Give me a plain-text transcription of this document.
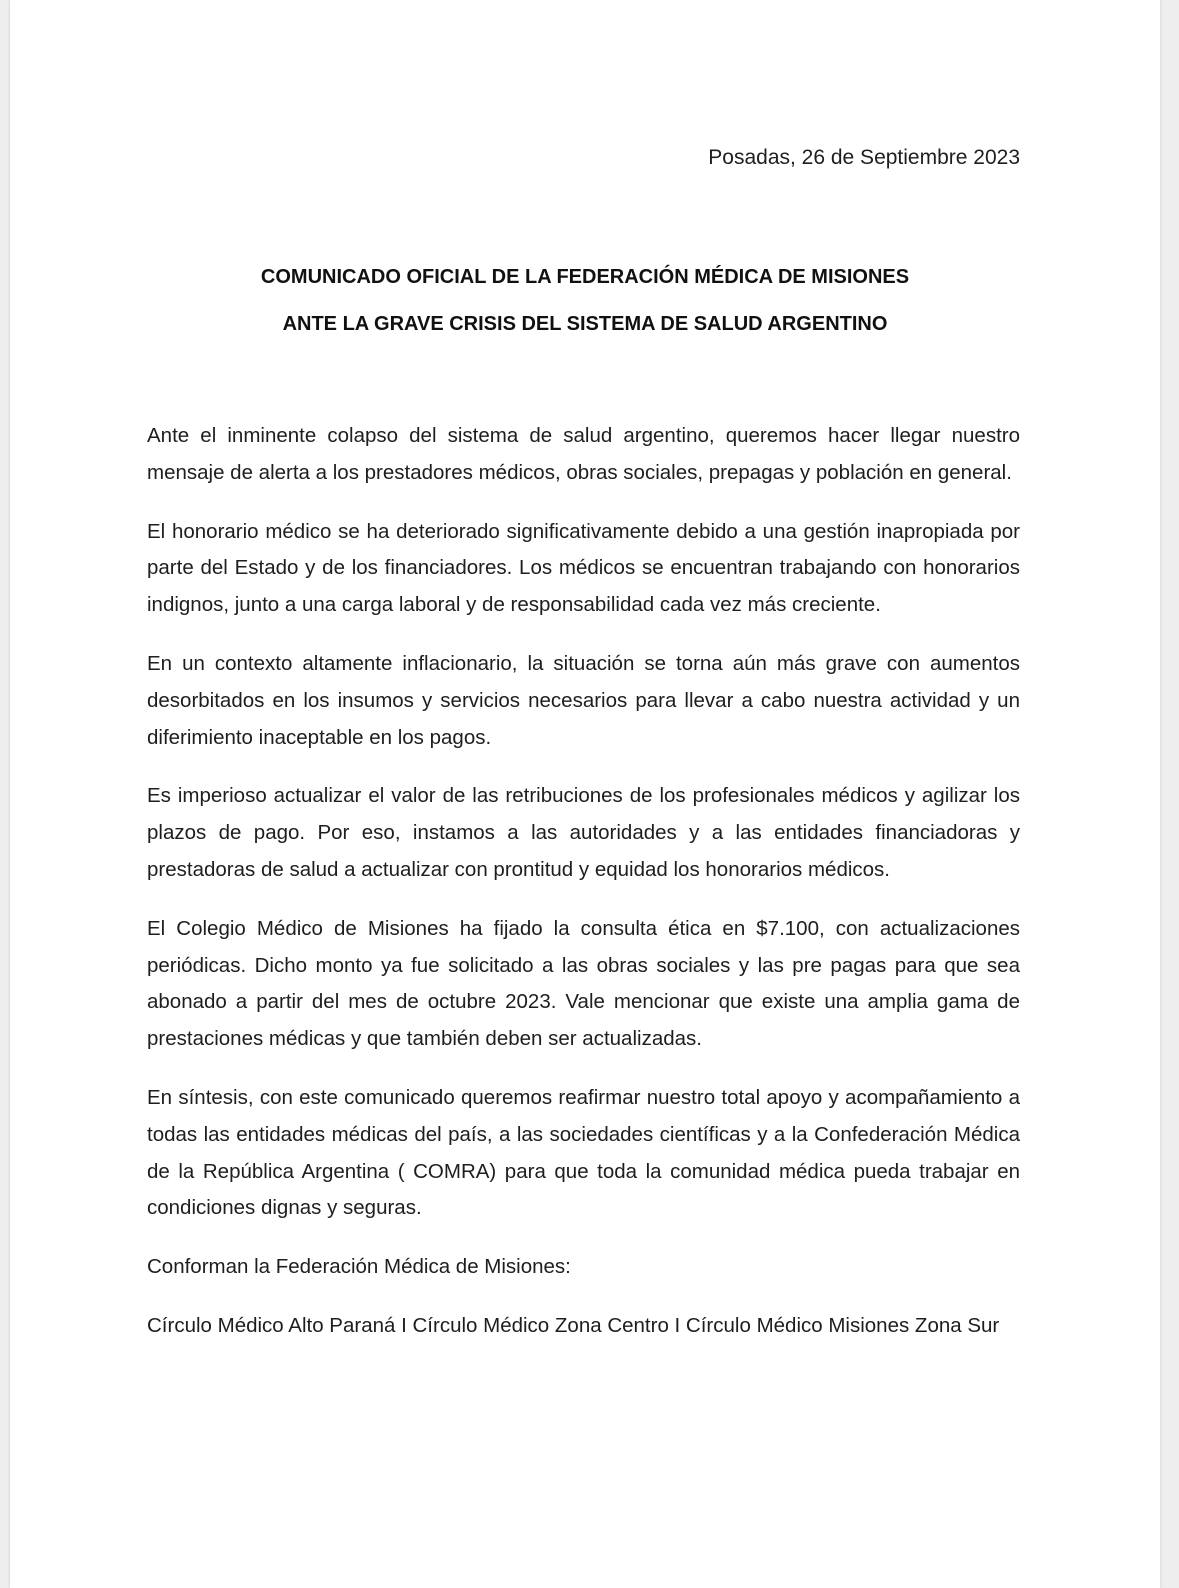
Posadas, 26 de Septiembre 2023
COMUNICADO OFICIAL DE LA FEDERACIÓN MÉDICA DE MISIONES
ANTE LA GRAVE CRISIS DEL SISTEMA DE SALUD ARGENTINO

Ante el inminente colapso del sistema de salud argentino, queremos hacer llegar nuestro mensaje de alerta a los prestadores médicos, obras sociales, prepagas y población en general.

El honorario médico se ha deteriorado significativamente debido a una gestión inapropiada por parte del Estado y de los financiadores. Los médicos se encuentran trabajando con honorarios indignos, junto a una carga laboral y de responsabilidad cada vez más creciente.

En un contexto altamente inflacionario, la situación se torna aún más grave con aumentos desorbitados en los insumos y servicios necesarios para llevar a cabo nuestra actividad y un diferimiento inaceptable en los pagos.

Es imperioso actualizar el valor de las retribuciones de los profesionales médicos y agilizar los plazos de pago. Por eso, instamos a las autoridades y a las entidades financiadoras y prestadoras de salud a actualizar con prontitud y equidad los honorarios médicos.

El Colegio Médico de Misiones ha fijado la consulta ética en $7.100, con actualizaciones periódicas. Dicho monto ya fue solicitado a las obras sociales y las pre pagas para que sea abonado a partir del mes de octubre 2023. Vale mencionar que existe una amplia gama de prestaciones médicas y que también deben ser actualizadas.

En síntesis, con este comunicado queremos reafirmar nuestro total apoyo y acompañamiento a todas las entidades médicas del país, a las sociedades científicas y a la Confederación Médica de la República Argentina ( COMRA) para que toda la comunidad médica pueda trabajar en condiciones dignas y seguras.

Conforman la Federación Médica de Misiones:

Círculo Médico Alto Paraná I Círculo Médico Zona Centro I Círculo Médico Misiones Zona Sur
